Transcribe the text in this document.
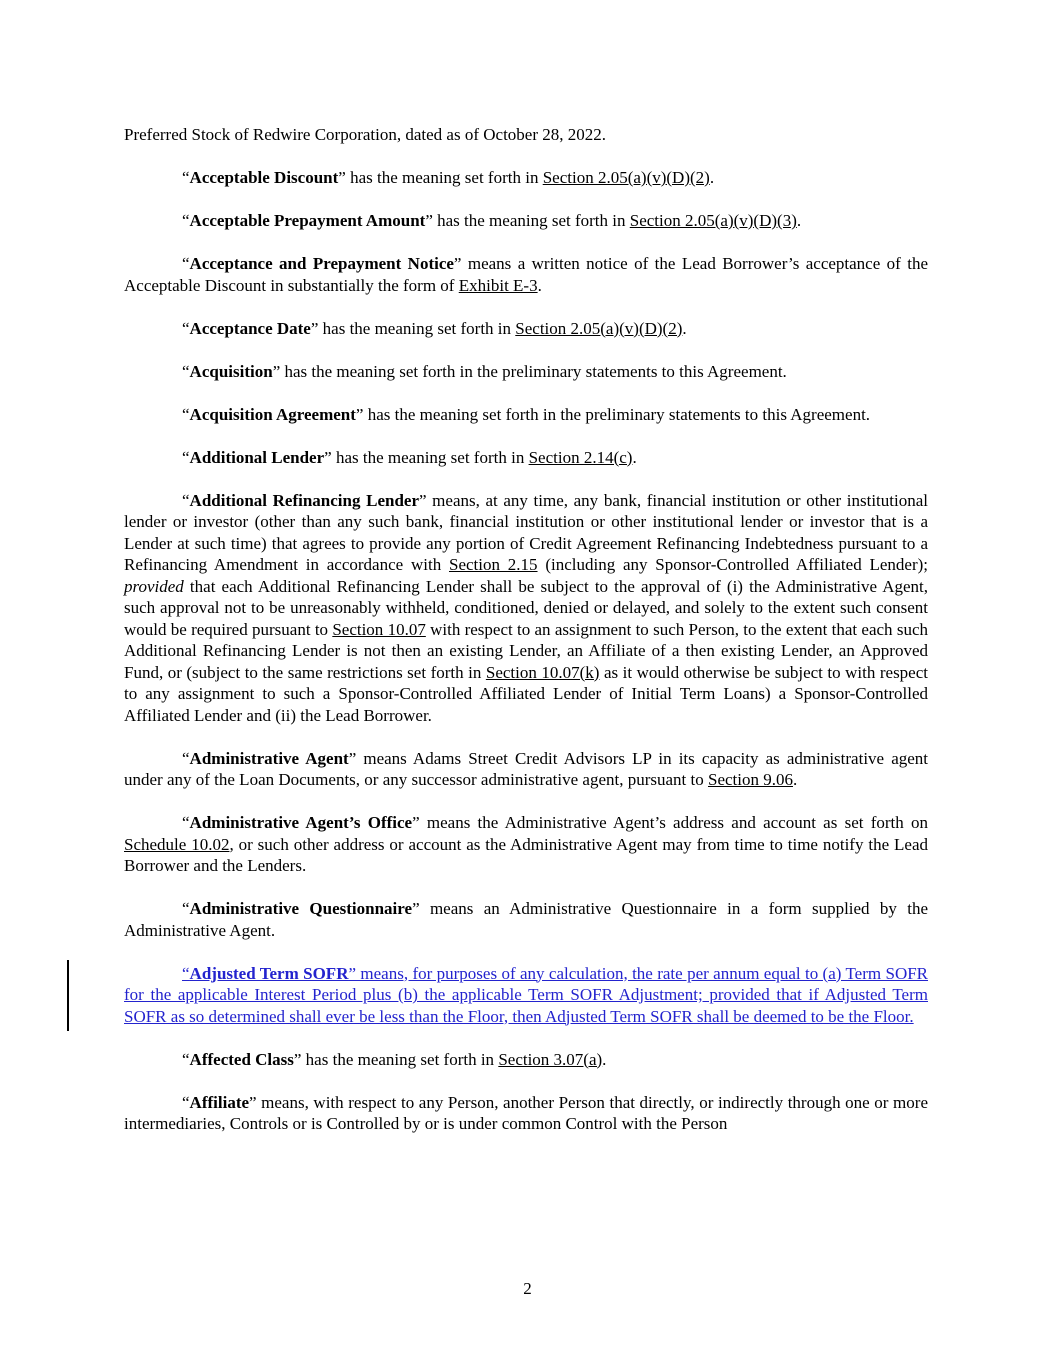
Preferred Stock of Redwire Corporation, dated as of October 28, 2022.

“Acceptable Discount” has the meaning set forth in Section 2.05(a)(v)(D)(2).

“Acceptable Prepayment Amount” has the meaning set forth in Section 2.05(a)(v)(D)(3).

“Acceptance and Prepayment Notice” means a written notice of the Lead Borrower’s acceptance of the Acceptable Discount in substantially the form of Exhibit E-3.

“Acceptance Date” has the meaning set forth in Section 2.05(a)(v)(D)(2).

“Acquisition” has the meaning set forth in the preliminary statements to this Agreement.

“Acquisition Agreement” has the meaning set forth in the preliminary statements to this Agreement.

“Additional Lender” has the meaning set forth in Section 2.14(c).

“Additional Refinancing Lender” means, at any time, any bank, financial institution or other institutional lender or investor (other than any such bank, financial institution or other institutional lender or investor that is a Lender at such time) that agrees to provide any portion of Credit Agreement Refinancing Indebtedness pursuant to a Refinancing Amendment in accordance with Section 2.15 (including any Sponsor-Controlled Affiliated Lender); provided that each Additional Refinancing Lender shall be subject to the approval of (i) the Administrative Agent, such approval not to be unreasonably withheld, conditioned, denied or delayed, and solely to the extent such consent would be required pursuant to Section 10.07 with respect to an assignment to such Person, to the extent that each such Additional Refinancing Lender is not then an existing Lender, an Affiliate of a then existing Lender, an Approved Fund, or (subject to the same restrictions set forth in Section 10.07(k) as it would otherwise be subject to with respect to any assignment to such a Sponsor-Controlled Affiliated Lender of Initial Term Loans) a Sponsor-Controlled Affiliated Lender and (ii) the Lead Borrower.

“Administrative Agent” means Adams Street Credit Advisors LP in its capacity as administrative agent under any of the Loan Documents, or any successor administrative agent, pursuant to Section 9.06.

“Administrative Agent’s Office” means the Administrative Agent’s address and account as set forth on Schedule 10.02, or such other address or account as the Administrative Agent may from time to time notify the Lead Borrower and the Lenders.

“Administrative Questionnaire” means an Administrative Questionnaire in a form supplied by the Administrative Agent.

“Adjusted Term SOFR” means, for purposes of any calculation, the rate per annum equal to (a) Term SOFR for the applicable Interest Period plus (b) the applicable Term SOFR Adjustment; provided that if Adjusted Term SOFR as so determined shall ever be less than the Floor, then Adjusted Term SOFR shall be deemed to be the Floor.

“Affected Class” has the meaning set forth in Section 3.07(a).

“Affiliate” means, with respect to any Person, another Person that directly, or indirectly through one or more intermediaries, Controls or is Controlled by or is under common Control with the Person

2
